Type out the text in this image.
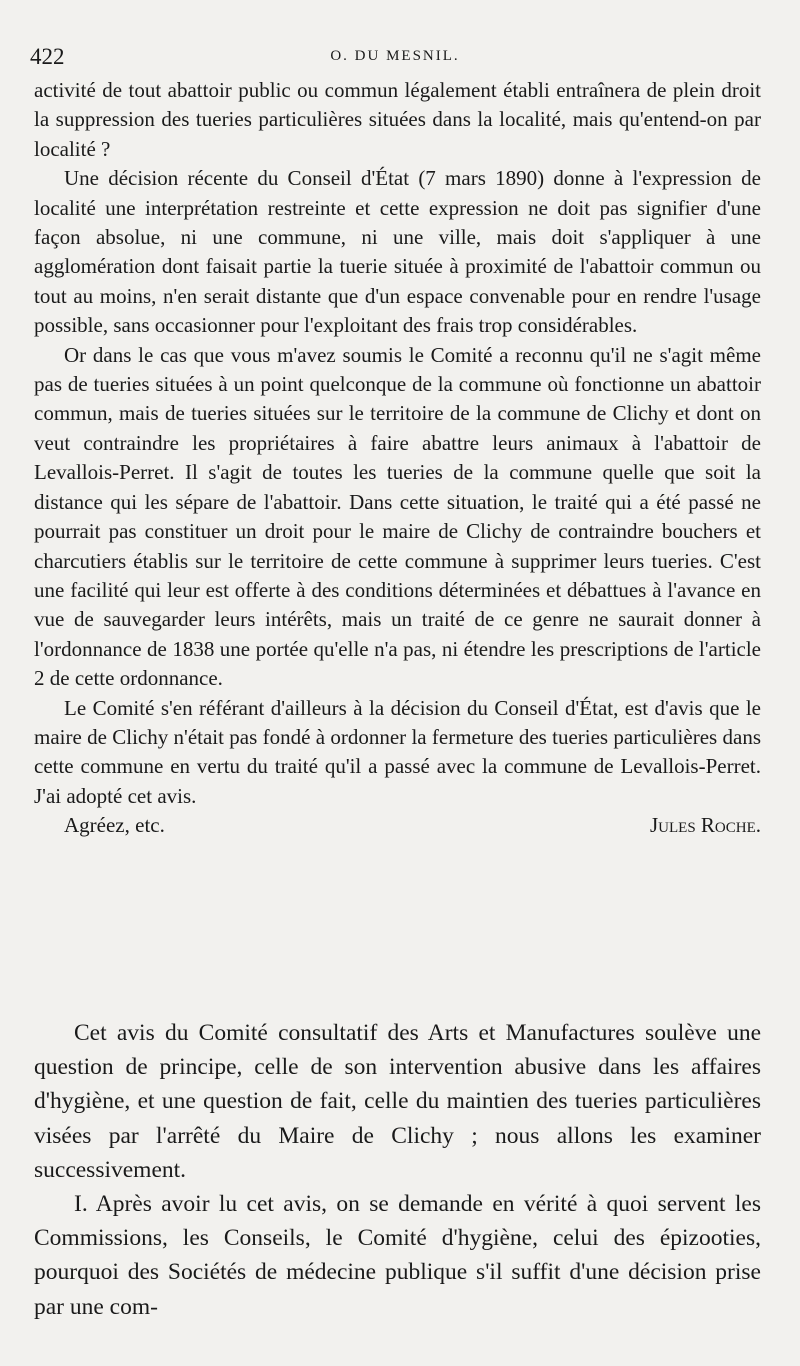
422	O. DU MESNIL.

activité de tout abattoir public ou commun légalement établi entraînera de plein droit la suppression des tueries particulières situées dans la localité, mais qu'entend-on par localité ?

Une décision récente du Conseil d'État (7 mars 1890) donne à l'expression de localité une interprétation restreinte et cette expression ne doit pas signifier d'une façon absolue, ni une commune, ni une ville, mais doit s'appliquer à une agglomération dont faisait partie la tuerie située à proximité de l'abattoir commun ou tout au moins, n'en serait distante que d'un espace convenable pour en rendre l'usage possible, sans occasionner pour l'exploitant des frais trop considérables.

Or dans le cas que vous m'avez soumis le Comité a reconnu qu'il ne s'agit même pas de tueries situées à un point quelconque de la commune où fonctionne un abattoir commun, mais de tueries situées sur le territoire de la commune de Clichy et dont on veut contraindre les propriétaires à faire abattre leurs animaux à l'abattoir de Levallois-Perret. Il s'agit de toutes les tueries de la commune quelle que soit la distance qui les sépare de l'abattoir. Dans cette situation, le traité qui a été passé ne pourrait pas constituer un droit pour le maire de Clichy de contraindre bouchers et charcutiers établis sur le territoire de cette commune à supprimer leurs tueries. C'est une facilité qui leur est offerte à des conditions déterminées et débattues à l'avance en vue de sauvegarder leurs intérêts, mais un traité de ce genre ne saurait donner à l'ordonnance de 1838 une portée qu'elle n'a pas, ni étendre les prescriptions de l'article 2 de cette ordonnance.

Le Comité s'en référant d'ailleurs à la décision du Conseil d'État, est d'avis que le maire de Clichy n'était pas fondé à ordonner la fermeture des tueries particulières dans cette commune en vertu du traité qu'il a passé avec la commune de Levallois-Perret. J'ai adopté cet avis.

Agréez, etc.	Jules Roche.

Cet avis du Comité consultatif des Arts et Manufactures soulève une question de principe, celle de son intervention abusive dans les affaires d'hygiène, et une question de fait, celle du maintien des tueries particulières visées par l'arrêté du Maire de Clichy ; nous allons les examiner successivement.

I. Après avoir lu cet avis, on se demande en vérité à quoi servent les Commissions, les Conseils, le Comité d'hygiène, celui des épizooties, pourquoi des Sociétés de médecine publique s'il suffit d'une décision prise par une com-
